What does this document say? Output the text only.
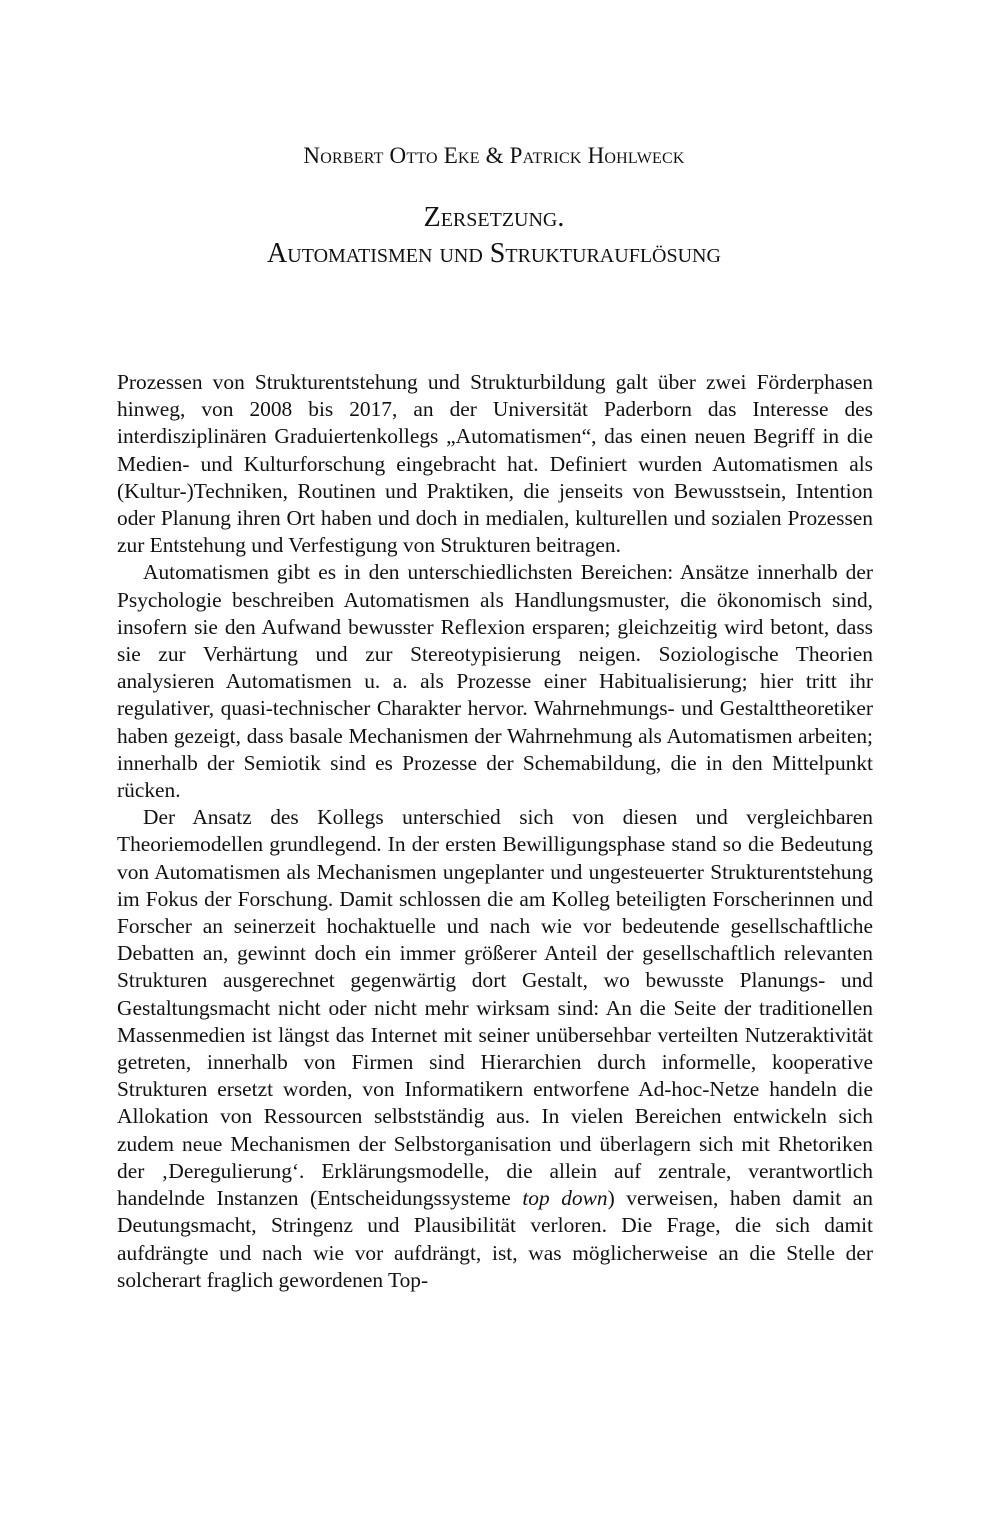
Norbert Otto Eke & Patrick Hohlweck
Zersetzung.
Automatismen und Strukturauflösung

Prozessen von Strukturentstehung und Strukturbildung galt über zwei Förderphasen hinweg, von 2008 bis 2017, an der Universität Paderborn das Interesse des interdisziplinären Graduiertenkollegs „Automatismen“, das einen neuen Begriff in die Medien- und Kulturforschung eingebracht hat. Definiert wurden Automatismen als (Kultur-)Techniken, Routinen und Praktiken, die jenseits von Bewusstsein, Intention oder Planung ihren Ort haben und doch in medialen, kulturellen und sozialen Prozessen zur Entstehung und Verfestigung von Strukturen beitragen.

Automatismen gibt es in den unterschiedlichsten Bereichen: Ansätze innerhalb der Psychologie beschreiben Automatismen als Handlungsmuster, die ökonomisch sind, insofern sie den Aufwand bewusster Reflexion ersparen; gleichzeitig wird betont, dass sie zur Verhärtung und zur Stereotypisierung neigen. Soziologische Theorien analysieren Automatismen u. a. als Prozesse einer Habitualisierung; hier tritt ihr regulativer, quasi-technischer Charakter hervor. Wahrnehmungs- und Gestalttheoretiker haben gezeigt, dass basale Mechanismen der Wahrnehmung als Automatismen arbeiten; innerhalb der Semiotik sind es Prozesse der Schemabildung, die in den Mittelpunkt rücken.

Der Ansatz des Kollegs unterschied sich von diesen und vergleichbaren Theoriemodellen grundlegend. In der ersten Bewilligungsphase stand so die Bedeutung von Automatismen als Mechanismen ungeplanter und ungesteuerter Strukturentstehung im Fokus der Forschung. Damit schlossen die am Kolleg beteiligten Forscherinnen und Forscher an seinerzeit hochaktuelle und nach wie vor bedeutende gesellschaftliche Debatten an, gewinnt doch ein immer größerer Anteil der gesellschaftlich relevanten Strukturen ausgerechnet gegenwärtig dort Gestalt, wo bewusste Planungs- und Gestaltungsmacht nicht oder nicht mehr wirksam sind: An die Seite der traditionellen Massenmedien ist längst das Internet mit seiner unübersehbar verteilten Nutzeraktivität getreten, innerhalb von Firmen sind Hierarchien durch informelle, kooperative Strukturen ersetzt worden, von Informatikern entworfene Ad-hoc-Netze handeln die Allokation von Ressourcen selbstständig aus. In vielen Bereichen entwickeln sich zudem neue Mechanismen der Selbstorganisation und überlagern sich mit Rhetoriken der ‚Deregulierung‘. Erklärungsmodelle, die allein auf zentrale, verantwortlich handelnde Instanzen (Entscheidungssysteme top down) verweisen, haben damit an Deutungsmacht, Stringenz und Plausibilität verloren. Die Frage, die sich damit aufdrängte und nach wie vor aufdrängt, ist, was möglicherweise an die Stelle der solcherart fraglich gewordenen Top-
